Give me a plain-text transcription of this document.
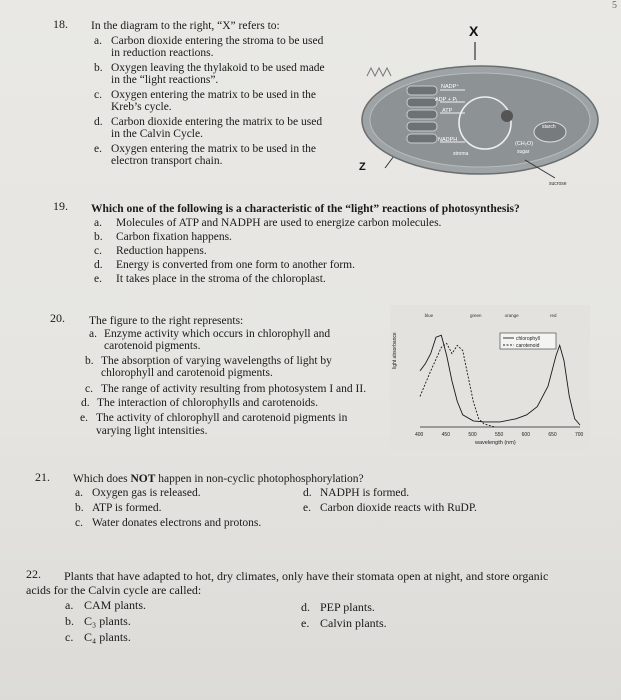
5
18. In the diagram to the right, “X” refers to:
a. Carbon dioxide entering the stroma to be used
in reduction reactions.
b. Oxygen leaving the thylakoid to be used made
in the “light reactions”.
c. Oxygen entering the matrix to be used in the
Kreb’s cycle.
d. Carbon dioxide entering the matrix to be used
in the Calvin Cycle.
e. Oxygen entering the matrix to be used in the
electron transport chain.
X
Z
NADP⁺
ADP + Pᵢ
ATP
NADPH
stroma
starch
(CH₂O)
sugar
sucrose
19. Which one of the following is a characteristic of the “light” reactions of photosynthesis?
a.	Molecules of ATP and NADPH are used to energize carbon molecules.
b.	Carbon fixation happens.
c.	Reduction happens.
d.	Energy is converted from one form to another form.
e.	It takes place in the stroma of the chloroplast.
20. The figure to the right represents:
a. Enzyme activity which occurs in chlorophyll and
carotenoid pigments.
b. The absorption of varying wavelengths of light by
chlorophyll and carotenoid pigments.
c. The range of activity resulting from photosystem I and II.
d. The interaction of chlorophylls and carotenoids.
e. The activity of chlorophyll and carotenoid pigments in
varying light intensities.
light absorbance
blue	green	orange	red
400	450	500	550	600	650	700
wavelength (nm)
chlorophyll
carotenoid
21. Which does NOT happen in non-cyclic photophosphorylation?
a. Oxygen gas is released.
b. ATP is formed.
c. Water donates electrons and protons.
d. NADPH is formed.
e. Carbon dioxide reacts with RuDP.
22. Plants that have adapted to hot, dry climates, only have their stomata open at night, and store organic
acids for the Calvin cycle are called:
a. CAM plants.
b. C₃ plants.
c. C₄ plants.
d. PEP plants.
e. Calvin plants.
